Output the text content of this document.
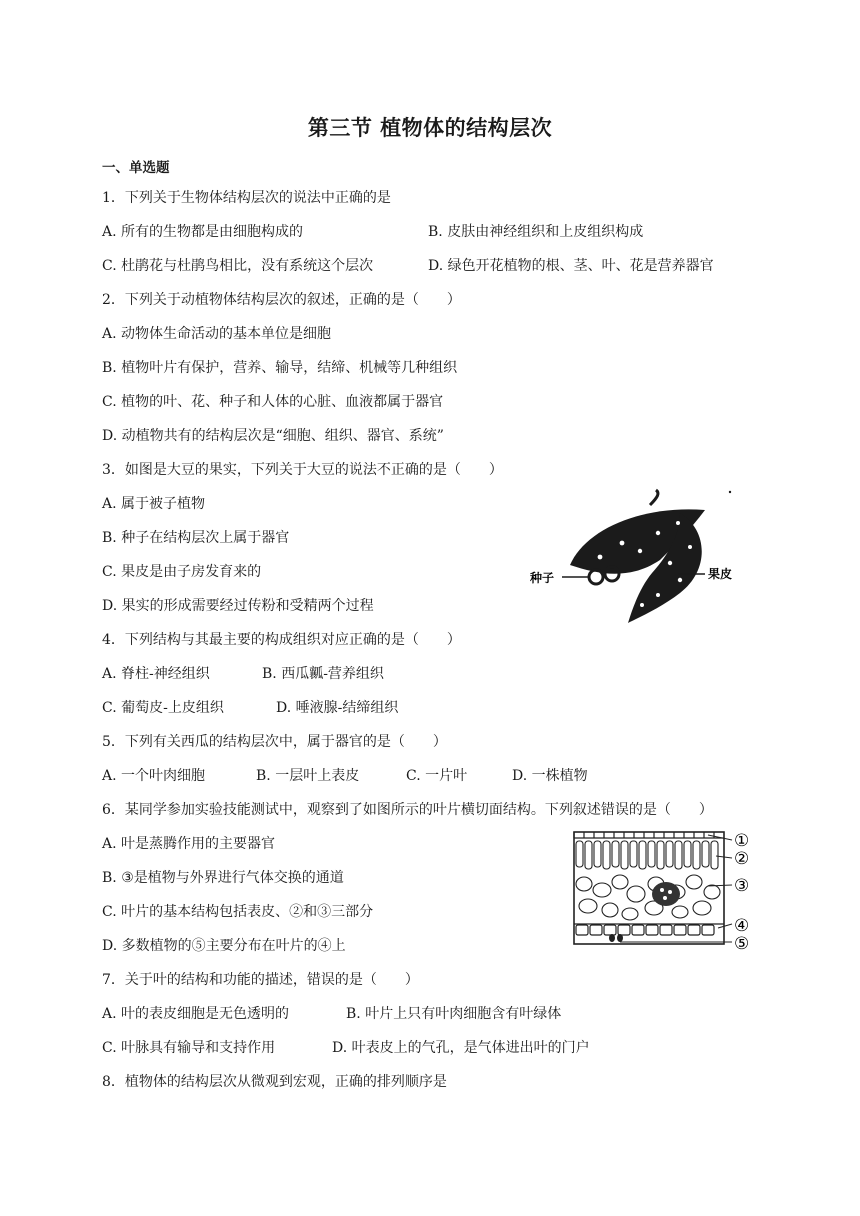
第三节 植物体的结构层次
一、单选题
1．下列关于生物体结构层次的说法中正确的是
A. 所有的生物都是由细胞构成的	B. 皮肤由神经组织和上皮组织构成
C. 杜鹃花与杜鹃鸟相比，没有系统这个层次	D. 绿色开花植物的根、茎、叶、花是营养器官
2．下列关于动植物体结构层次的叙述，正确的是（　　）
A. 动物体生命活动的基本单位是细胞
B. 植物叶片有保护，营养、输导，结缔、机械等几种组织
C. 植物的叶、花、种子和人体的心脏、血液都属于器官
D. 动植物共有的结构层次是“细胞、组织、器官、系统”
3．如图是大豆的果实，下列关于大豆的说法不正确的是（　　）
A. 属于被子植物
B. 种子在结构层次上属于器官
C. 果皮是由子房发育来的
D. 果实的形成需要经过传粉和受精两个过程
种子	果皮
4．下列结构与其最主要的构成组织对应正确的是（　　）
A. 脊柱-神经组织	B. 西瓜瓤-营养组织
C. 葡萄皮-上皮组织	D. 唾液腺-结缔组织
5．下列有关西瓜的结构层次中，属于器官的是（　　）
A. 一个叶肉细胞	B. 一层叶上表皮	C. 一片叶	D. 一株植物
6．某同学参加实验技能测试中，观察到了如图所示的叶片横切面结构。下列叙述错误的是（　　）
A. 叶是蒸腾作用的主要器官
B. ③是植物与外界进行气体交换的通道
C. 叶片的基本结构包括表皮、②和③三部分
D. 多数植物的⑤主要分布在叶片的④上
①
②
③
④
⑤
7．关于叶的结构和功能的描述，错误的是（　　）
A. 叶的表皮细胞是无色透明的	B. 叶片上只有叶肉细胞含有叶绿体
C. 叶脉具有输导和支持作用	D. 叶表皮上的气孔，是气体进出叶的门户
8．植物体的结构层次从微观到宏观，正确的排列顺序是
